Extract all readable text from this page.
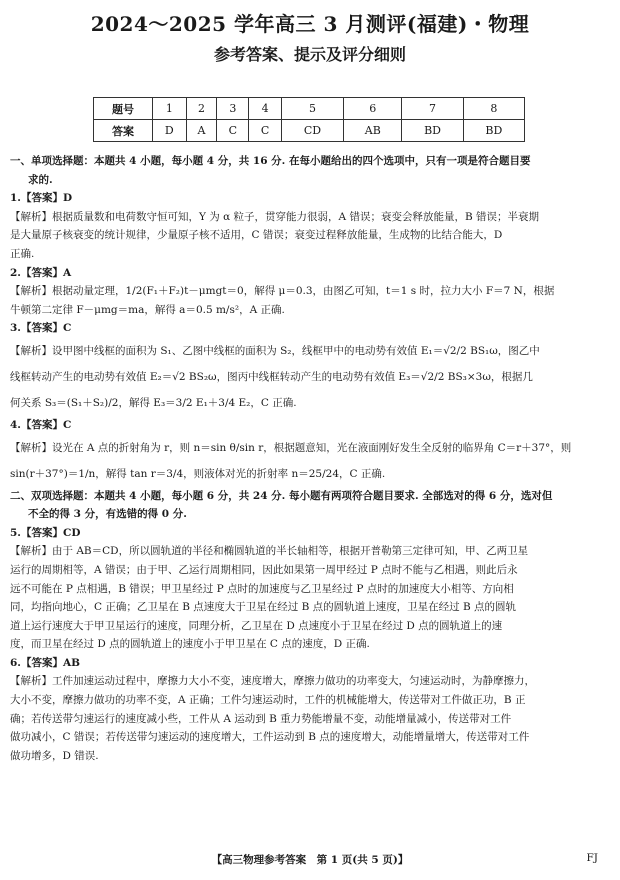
2024～2025 学年高三 3 月测评(福建)・物理
参考答案、提示及评分细则
题号	1	2	3	4	5	6	7	8
答案	D	A	C	C	CD	AB	BD	BD

一、单项选择题：本题共 4 小题，每小题 4 分，共 16 分. 在每小题给出的四个选项中，只有一项是符合题目要
求的.

1.【答案】D

【解析】根据质量数和电荷数守恒可知，Y 为 α 粒子，贯穿能力很弱，A 错误；衰变会释放能量，B 错误；半衰期

是大量原子核衰变的统计规律，少量原子核不适用，C 错误；衰变过程释放能量，生成物的比结合能大，D

正确.

2.【答案】A

【解析】根据动量定理，1/2(F₁＋F₂)t－μmgt＝0，解得 μ＝0.3，由图乙可知，t＝1 s 时，拉力大小 F＝7 N，根据

牛顿第二定律 F－μmg＝ma，解得 a＝0.5 m/s²，A 正确.

3.【答案】C

【解析】设甲图中线框的面积为 S₁、乙图中线框的面积为 S₂，线框甲中的电动势有效值 E₁＝√2/2 BS₁ω，图乙中

线框转动产生的电动势有效值 E₂＝√2 BS₂ω，图丙中线框转动产生的电动势有效值 E₃＝√2/2 BS₃×3ω，根据几

何关系 S₃＝(S₁＋S₂)/2，解得 E₃＝3/2 E₁＋3/4 E₂，C 正确.

4.【答案】C

【解析】设光在 A 点的折射角为 r，则 n＝sin θ/sin r，根据题意知，光在液面刚好发生全反射的临界角 C＝r＋37°，则

sin(r＋37°)＝1/n，解得 tan r＝3/4，则液体对光的折射率 n＝25/24，C 正确.

二、双项选择题：本题共 4 小题，每小题 6 分，共 24 分. 每小题有两项符合题目要求. 全部选对的得 6 分，选对但
不全的得 3 分，有选错的得 0 分.

5.【答案】CD

【解析】由于 AB＝CD，所以圆轨道的半径和椭圆轨道的半长轴相等，根据开普勒第三定律可知，甲、乙两卫星

运行的周期相等，A 错误；由于甲、乙运行周期相同，因此如果第一周甲经过 P 点时不能与乙相遇，则此后永

远不可能在 P 点相遇，B 错误；甲卫星经过 P 点时的加速度与乙卫星经过 P 点时的加速度大小相等、方向相

同，均指向地心，C 正确；乙卫星在 B 点速度大于卫星在经过 B 点的圆轨道上速度，卫星在经过 B 点的圆轨

道上运行速度大于甲卫星运行的速度，同理分析，乙卫星在 D 点速度小于卫星在经过 D 点的圆轨道上的速

度，而卫星在经过 D 点的圆轨道上的速度小于甲卫星在 C 点的速度，D 正确.

6.【答案】AB

【解析】工件加速运动过程中，摩擦力大小不变，速度增大，摩擦力做功的功率变大，匀速运动时，为静摩擦力，

大小不变，摩擦力做功的功率不变，A 正确；工件匀速运动时，工件的机械能增大，传送带对工件做正功，B 正

确；若传送带匀速运行的速度减小些，工件从 A 运动到 B 重力势能增量不变，动能增量减小，传送带对工件

做功减小，C 错误；若传送带匀速运动的速度增大，工件运动到 B 点的速度增大，动能增量增大，传送带对工件

做功增多，D 错误.

【高三物理参考答案　第 1 页(共 5 页)】	FJ
